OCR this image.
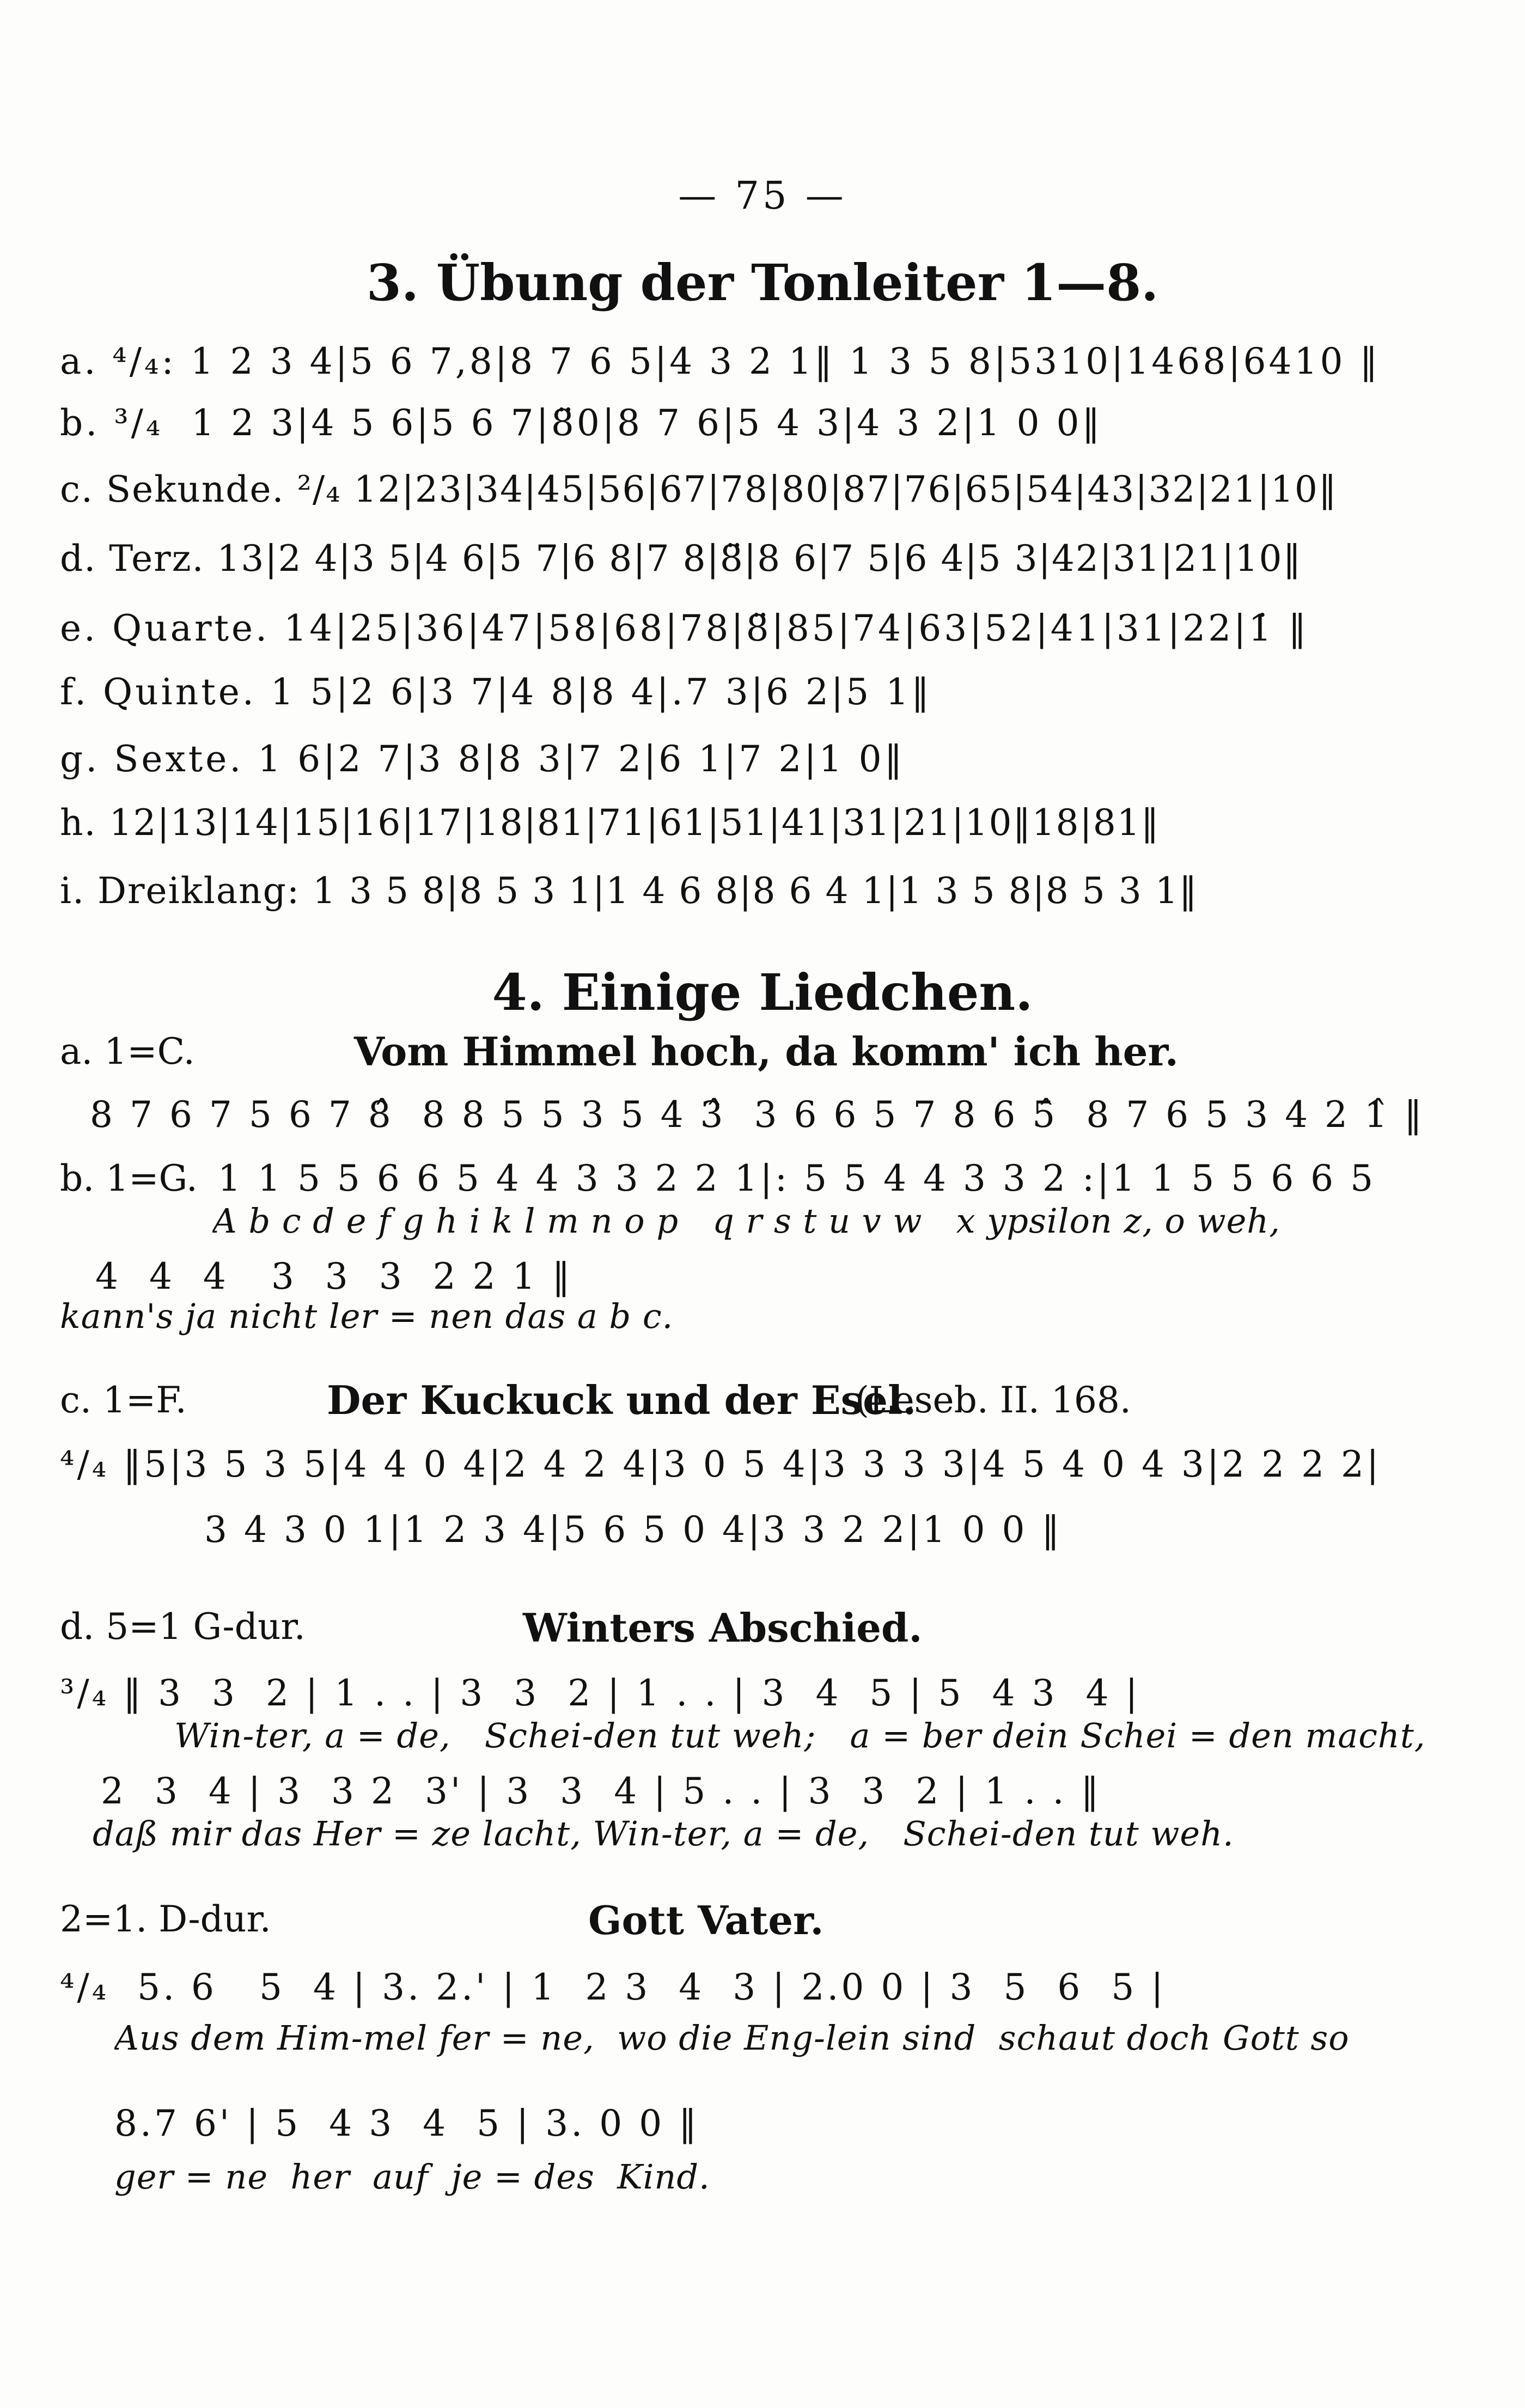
— 75 —
3. Übung der Tonleiter 1—8.
a. ⁴/₄: 1 2 3 4|5 6 7,8|8 7 6 5|4 3 2 1‖ 1 3 5 8|5310|1468|6410 ‖
b. ³/₄  1 2 3|4 5 6|5 6 7|8̈0|8 7 6|5 4 3|4 3 2|1 0 0‖
c. Sekunde. ²/₄ 12|23|34|45|56|67|78|80|87|76|65|54|43|32|21|10‖
d. Terz. 13|2 4|3 5|4 6|5 7|6 8|7 8|8̈|8 6|7 5|6 4|5 3|42|31|21|10‖
e. Quarte. 14|25|36|47|58|68|78|8̈|85|74|63|52|41|31|22|1̇ ‖
f. Quinte. 1 5|2 6|3 7|4 8|8 4|.7 3|6 2|5 1‖
g. Sexte. 1 6|2 7|3 8|8 3|7 2|6 1|7 2|1 0‖
h. 12|13|14|15|16|17|18|81|71|61|51|41|31|21|10‖18|81‖
i. Dreiklang: 1 3 5 8|8 5 3 1|1 4 6 8|8 6 4 1|1 3 5 8|8 5 3 1‖
4. Einige Liedchen.
a. 1=C.	Vom Himmel hoch, da komm' ich her.
8 7 6 7 5 6 7 8̂  8 8 5 5 3 5 4 3̂  3 6 6 5 7 8 6 5̂  8 7 6 5 3 4 2 1̂ ‖
b. 1=G. 1 1 5 5 6 6 5 4 4 3 3 2 2 1|: 5 5 4 4 3 3 2 :|1 1 5 5 6 6 5
A b c d e f g h i k l m n o p   q r s t u v w   x ypsilon z, o weh,
4  4  4   3  3  3  2 2 1 ‖
kann's ja nicht ler = nen das a b c.
c. 1=F.	Der Kuckuck und der Esel.
(Leseb. II. 168.
⁴/₄ ‖5|3 5 3 5|4 4 0 4|2 4 2 4|3 0 5 4|3 3 3 3|4 5 4 0 4 3|2 2 2 2|
3 4 3 0 1|1 2 3 4|5 6 5 0 4|3 3 2 2|1 0 0 ‖
d. 5=1 G-dur.	Winters Abschied.
³/₄ ‖ 3  3  2 | 1 . . | 3  3  2 | 1 . . | 3  4  5 | 5  4 3  4 |
Win-ter, a = de,   Schei-den tut weh;   a = ber dein Schei = den macht,
2  3  4 | 3  3 2  3' | 3  3  4 | 5 . . | 3  3  2 | 1 . . ‖
daß mir das Her = ze lacht, Win-ter, a = de,   Schei-den tut weh.
2=1. D-dur.	Gott Vater.
⁴/₄  5. 6   5  4 | 3. 2.' | 1  2 3  4  3 | 2.0 0 | 3  5  6  5 |
Aus dem Him-mel fer = ne,  wo die Eng-lein sind  schaut doch Gott so
8.7 6' | 5  4 3  4  5 | 3. 0 0 ‖
ger = ne  her  auf  je = des  Kind.
